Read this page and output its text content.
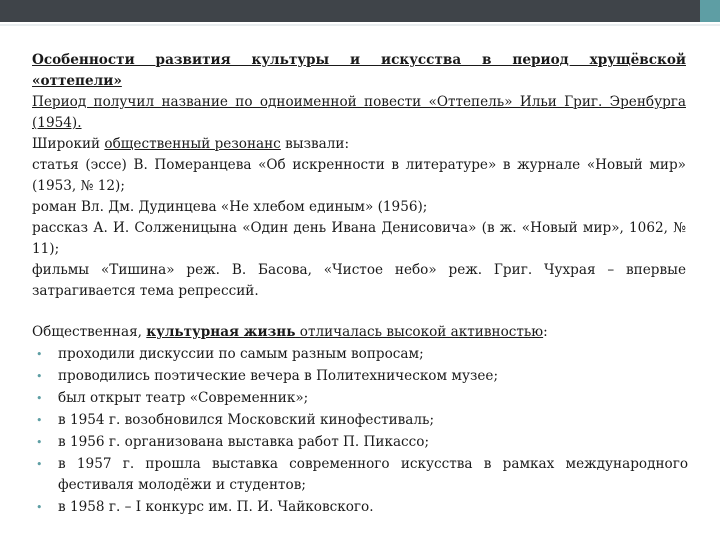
Особенности развития культуры и искусства в период хрущёвской

«оттепели»

Период получил название по одноименной повести «Оттепель» Ильи Григ. Эренбурга (1954).

Широкий общественный резонанс вызвали:

статья (эссе) В. Померанцева «Об искренности в литературе» в журнале «Новый мир» (1953, № 12);

роман Вл. Дм. Дудинцева «Не хлебом единым» (1956);

рассказ А. И. Солженицына «Один день Ивана Денисовича» (в ж. «Новый мир», 1062, № 11);

фильмы «Тишина» реж. В. Басова, «Чистое небо» реж. Григ. Чухрая – впервые затрагивается тема репрессий.

Общественная, культурная жизнь отличалась высокой активностью:

• проходили дискуссии по самым разным вопросам;
• проводились поэтические вечера в Политехническом музее;
• был открыт театр «Современник»;
• в 1954 г. возобновился Московский кинофестиваль;
• в 1956 г. организована выставка работ П. Пикассо;
• в 1957 г. прошла выставка современного искусства в рамках международного фестиваля молодёжи и студентов;
• в 1958 г. – I конкурс им. П. И. Чайковского.
